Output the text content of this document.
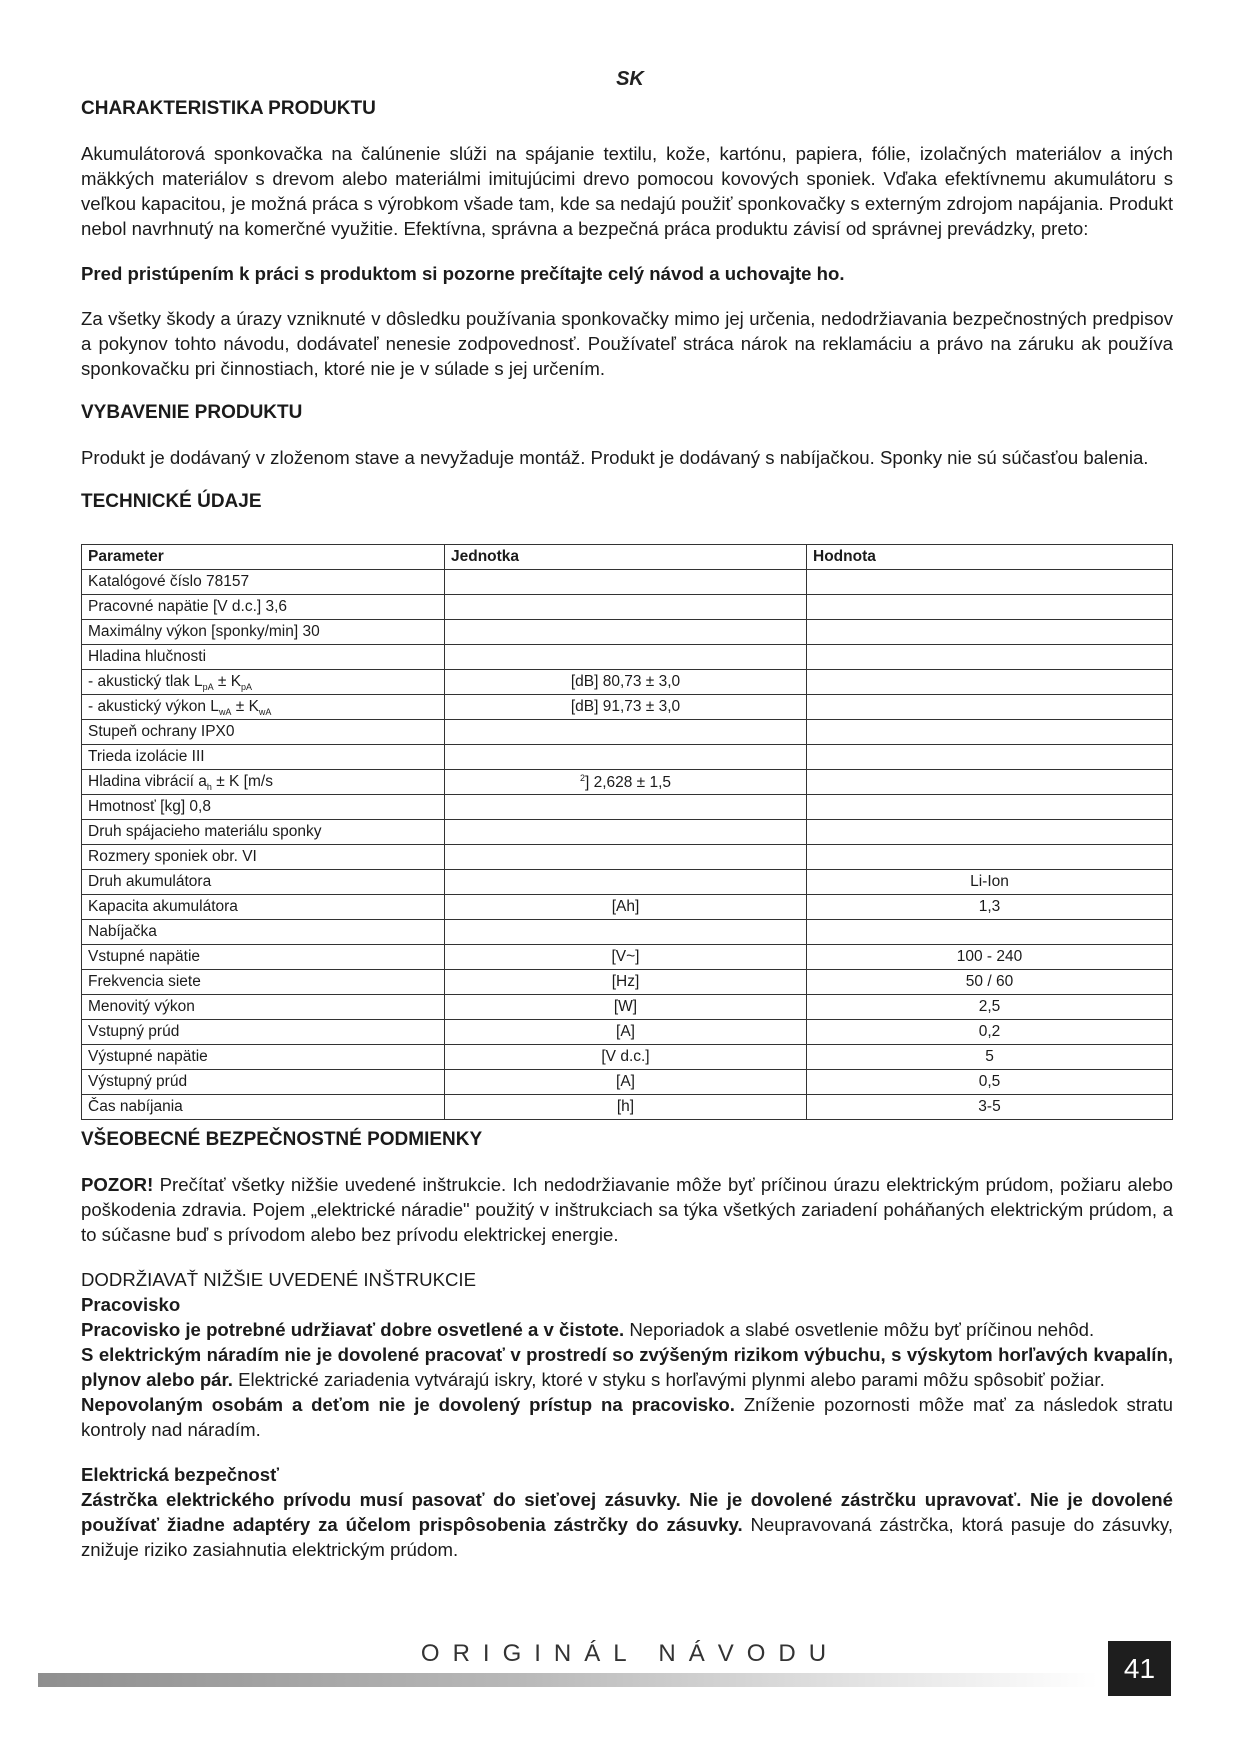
SK
CHARAKTERISTIKA PRODUKTU

Akumulátorová sponkovačka na čalúnenie slúži na spájanie textilu, kože, kartónu, papiera, fólie, izolačných materiálov a iných mäkkých materiálov s drevom alebo materiálmi imitujúcimi drevo pomocou kovových sponiek. Vďaka efektívnemu akumulátoru s veľkou kapacitou, je možná práca s výrobkom všade tam, kde sa nedajú použiť sponkovačky s externým zdrojom napájania. Produkt nebol navrhnutý na komerčné využitie. Efektívna, správna a bezpečná práca produktu závisí od správnej prevádzky, preto:

Pred pristúpením k práci s produktom si pozorne prečítajte celý návod a uchovajte ho.

Za všetky škody a úrazy vzniknuté v dôsledku používania sponkovačky mimo jej určenia, nedodržiavania bezpečnostných predpisov a pokynov tohto návodu, dodávateľ nenesie zodpovednosť. Používateľ stráca nárok na reklamáciu a právo na záruku ak používa sponkovačku pri činnostiach, ktoré nie je v súlade s jej určením.

VYBAVENIE PRODUKTU

Produkt je dodávaný v zloženom stave a nevyžaduje montáž. Produkt je dodávaný s nabíjačkou. Sponky nie sú súčasťou balenia.

TECHNICKÉ ÚDAJE
Parameter	Jednotka	Hodnota
Katalógové číslo 78157		
Pracovné napätie [V d.c.] 3,6		
Maximálny výkon [sponky/min] 30		
Hladina hlučnosti		
- akustický tlak $L_{pA} \pm K_{pA}$	[dB] 80,73 ± 3,0	
- akustický výkon $L_{wA} \pm K_{wA}$	[dB] 91,73 ± 3,0	
Stupeň ochrany IPX0		
Trieda izolácie III		
Hladina vibrácií $a_h \pm K$ [m/s	$^2$] 2,628 ± 1,5	
Hmotnosť [kg] 0,8		
Druh spájacieho materiálu sponky		
Rozmery sponiek obr. VI		
Druh akumulátora		Li-Ion
Kapacita akumulátora	[Ah]	1,3
Nabíjačka		
Vstupné napätie	[V~]	100 - 240
Frekvencia siete	[Hz]	50 / 60
Menovitý výkon	[W]	2,5
Vstupný prúd	[A]	0,2
Výstupné napätie	[V d.c.]	5
Výstupný prúd	[A]	0,5
Čas nabíjania	[h]	3-5
VŠEOBECNÉ BEZPEČNOSTNÉ PODMIENKY

POZOR! Prečítať všetky nižšie uvedené inštrukcie. Ich nedodržiavanie môže byť príčinou úrazu elektrickým prúdom, požiaru alebo poškodenia zdravia. Pojem „elektrické náradie" použitý v inštrukciach sa týka všetkých zariadení poháňaných elektrickým prúdom, a to súčasne buď s prívodom alebo bez prívodu elektrickej energie.

DODRŽIAVAŤ NIŽŠIE UVEDENÉ INŠTRUKCIE

Pracovisko

Pracovisko je potrebné udržiavať dobre osvetlené a v čistote. Neporiadok a slabé osvetlenie môžu byť príčinou nehôd.

S elektrickým náradím nie je dovolené pracovať v prostredí so zvýšeným rizikom výbuchu, s výskytom horľavých kvapalín, plynov alebo pár. Elektrické zariadenia vytvárajú iskry, ktoré v styku s horľavými plynmi alebo parami môžu spôsobiť požiar.

Nepovolaným osobám a deťom nie je dovolený prístup na pracovisko. Zníženie pozornosti môže mať za následok stratu kontroly nad náradím.

Elektrická bezpečnosť

Zástrčka elektrického prívodu musí pasovať do sieťovej zásuvky. Nie je dovolené zástrčku upravovať. Nie je dovolené používať žiadne adaptéry za účelom prispôsobenia zástrčky do zásuvky. Neupravovaná zástrčka, ktorá pasuje do zásuvky, znižuje riziko zasiahnutia elektrickým prúdom.

ORIGINÁL NÁVODU	41
